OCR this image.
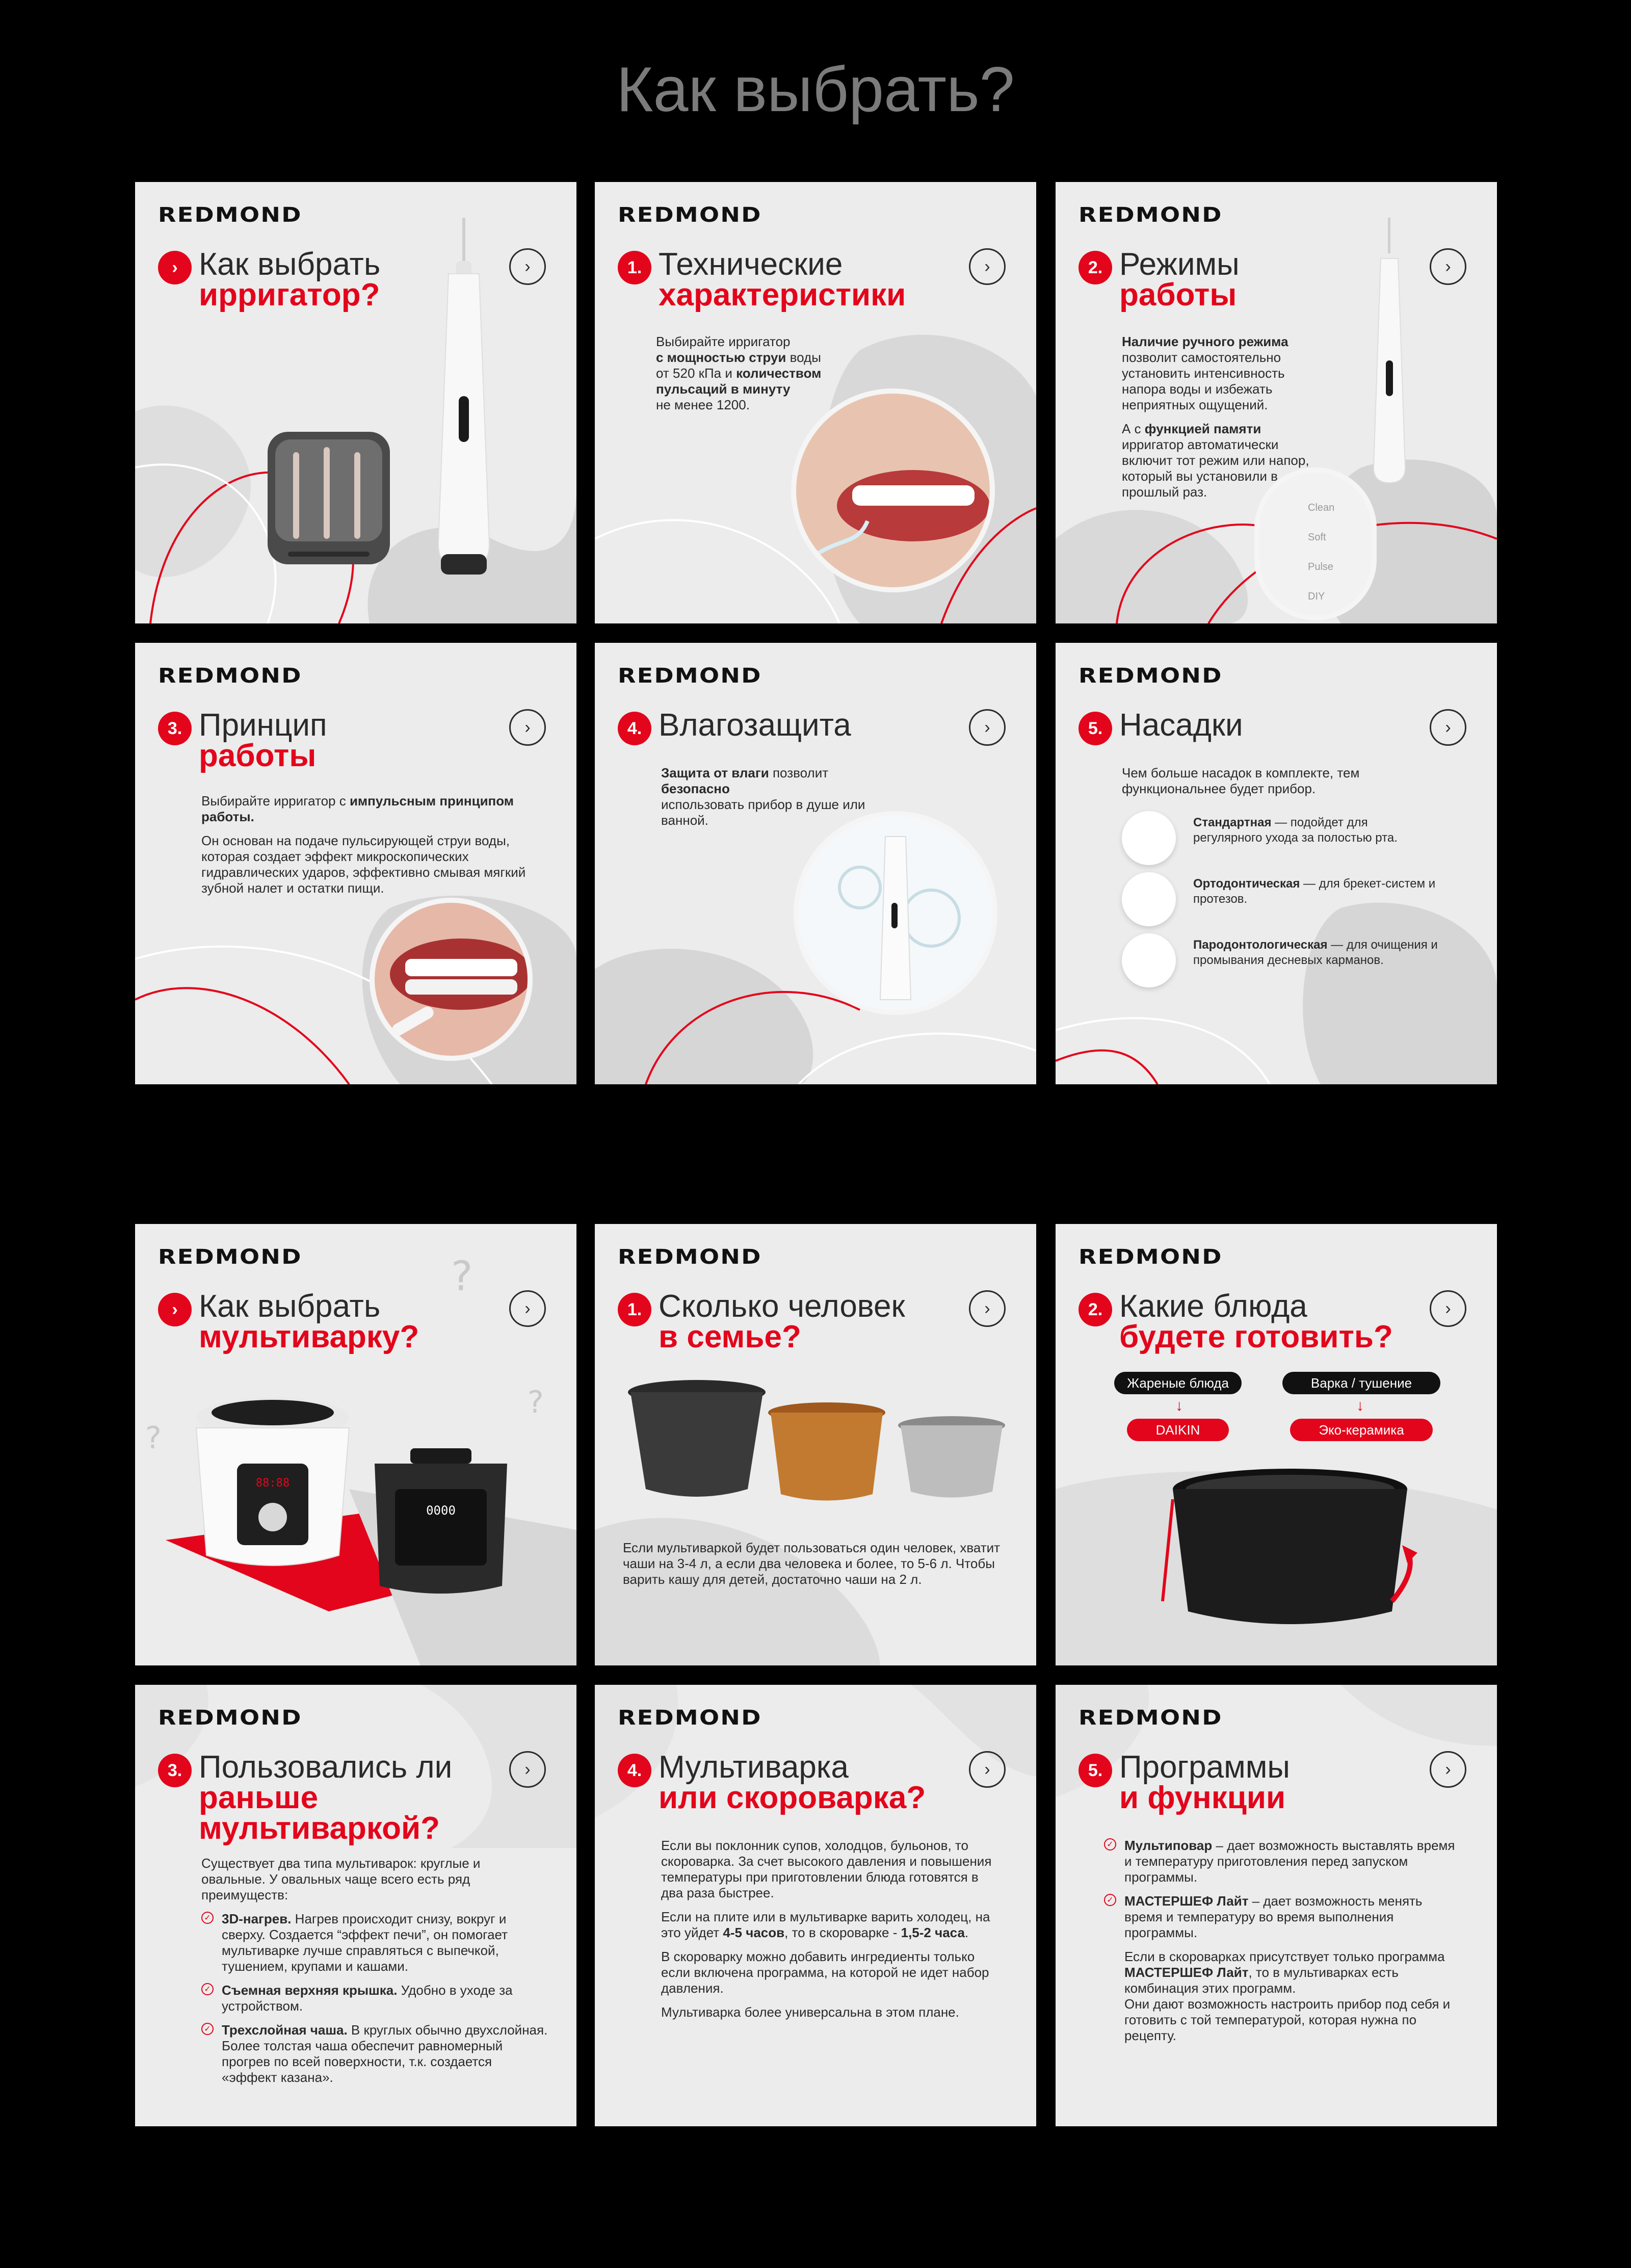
Как выбрать?
REDMOND
›	›
Как выбрать
ирригатор?
REDMOND
1.	›
Технические
характеристики
Выбирайте ирригатор
с мощностью струи воды
от 520 кПа и количеством
пульсаций в минуту
не менее 1200.
REDMOND
2.	›
Режимы
работы

Наличие ручного режима
позволит самостоятельно установить интенсивность напора воды и избежать неприятных ощущений.

А с функцией памяти
ирригатор автоматически включит тот режим или напор, который вы установили в прошлый раз.

Clean
Soft
Pulse
DIY
REDMOND
3.	›
Принцип
работы

Выбирайте ирригатор с импульсным принципом работы.

Он основан на подаче пульсирующей струи воды, которая создает эффект микроскопических гидравлических ударов, эффективно смывая мягкий зубной налет и остатки пищи.

REDMOND
4.	›
Влагозащита
Защита от влаги позволит безопасно
использовать прибор в душе или ванной.
REDMOND
5.	›
Насадки
Чем больше насадок в комплекте, тем функциональнее будет прибор.
Стандартная — подойдет для регулярного ухода за полостью рта.
Ортодонтическая — для брекет-систем и протезов.
Пародонтологическая — для очищения и промывания десневых карманов.
?
?
?
REDMOND
›	›
Как выбрать
мультиварку?
88:88
0000
REDMOND
1.	›
Сколько человек
в семье?
Если мультиваркой будет пользоваться один человек, хватит чаши на 3-4 л, а если два человека и более, то 5-6 л. Чтобы варить кашу для детей, достаточно чаши на 2 л.
REDMOND
2.	›
Какие блюда
будете готовить?
Жареные блюда	Варка / тушение
↓	↓
DAIKIN	Эко-керамика
REDMOND
3.	›
Пользовались ли
раньше
мультиваркой?

Существует два типа мультиварок: круглые и овальные. У овальных чаще всего есть ряд преимуществ:

✓ 3D-нагрев. Нагрев происходит снизу, вокруг и сверху. Создается “эффект печи”, он помогает мультиварке лучше справляться с выпечкой, тушением, крупами и кашами.
✓ Съемная верхняя крышка. Удобно в уходе за устройством.
✓ Трехслойная чаша. В круглых обычно двухслойная. Более толстая чаша обеспечит равномерный прогрев по всей поверхности, т.к. создается «эффект казана».
REDMOND
4.	›
Мультиварка
или скороварка?

Если вы поклонник супов, холодцов, бульонов, то скороварка. За счет высокого давления и повышения температуры при приготовлении блюда готовятся в два раза быстрее.

Если на плите или в мультиварке варить холодец, на это уйдет 4-5 часов, то в скороварке - 1,5-2 часа.

В скороварку можно добавить ингредиенты только если включена программа, на которой не идет набор давления.

Мультиварка более универсальна в этом плане.

REDMOND
5.	›
Программы
и функции
✓ Мультиповар – дает возможность выставлять время и температуру приготовления перед запуском программы.
✓ МАСТЕРШЕФ Лайт – дает возможность менять время и температуру во время выполнения программы.

Если в скороварках присутствует только программа МАСТЕРШЕФ Лайт, то в мультиварках есть комбинация этих программ.
Они дают возможность настроить прибор под себя и готовить с той температурой, которая нужна по рецепту.
